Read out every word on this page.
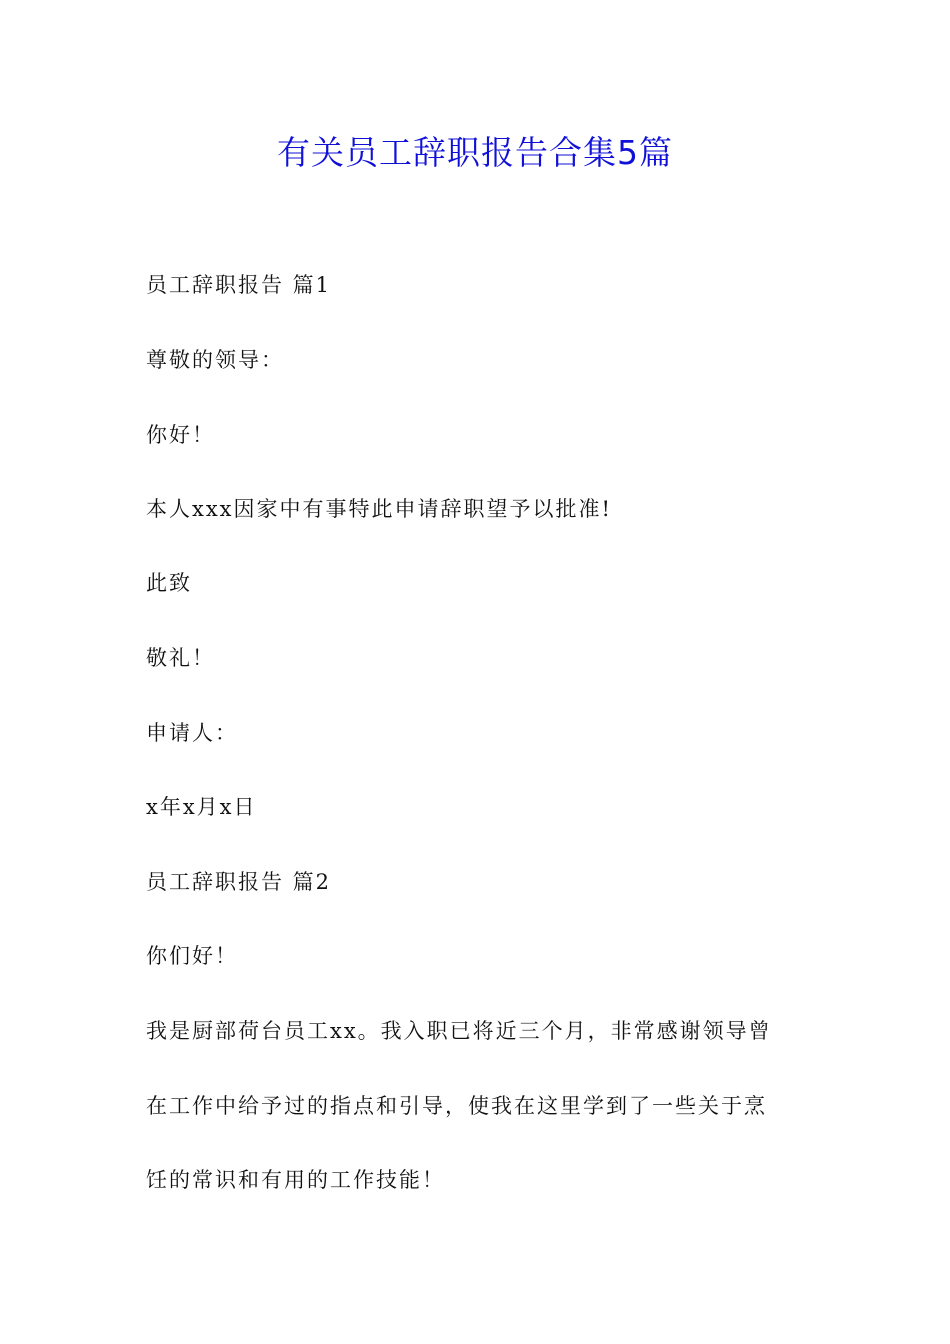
有关员工辞职报告合集5篇
员工辞职报告 篇1
尊敬的领导：
你好！
本人xxx因家中有事特此申请辞职望予以批准!
此致
敬礼！
申请人：
x年x月x日
员工辞职报告 篇2
你们好！
我是厨部荷台员工xx。我入职已将近三个月，非常感谢领导曾
在工作中给予过的指点和引导，使我在这里学到了一些关于烹
饪的常识和有用的工作技能！
